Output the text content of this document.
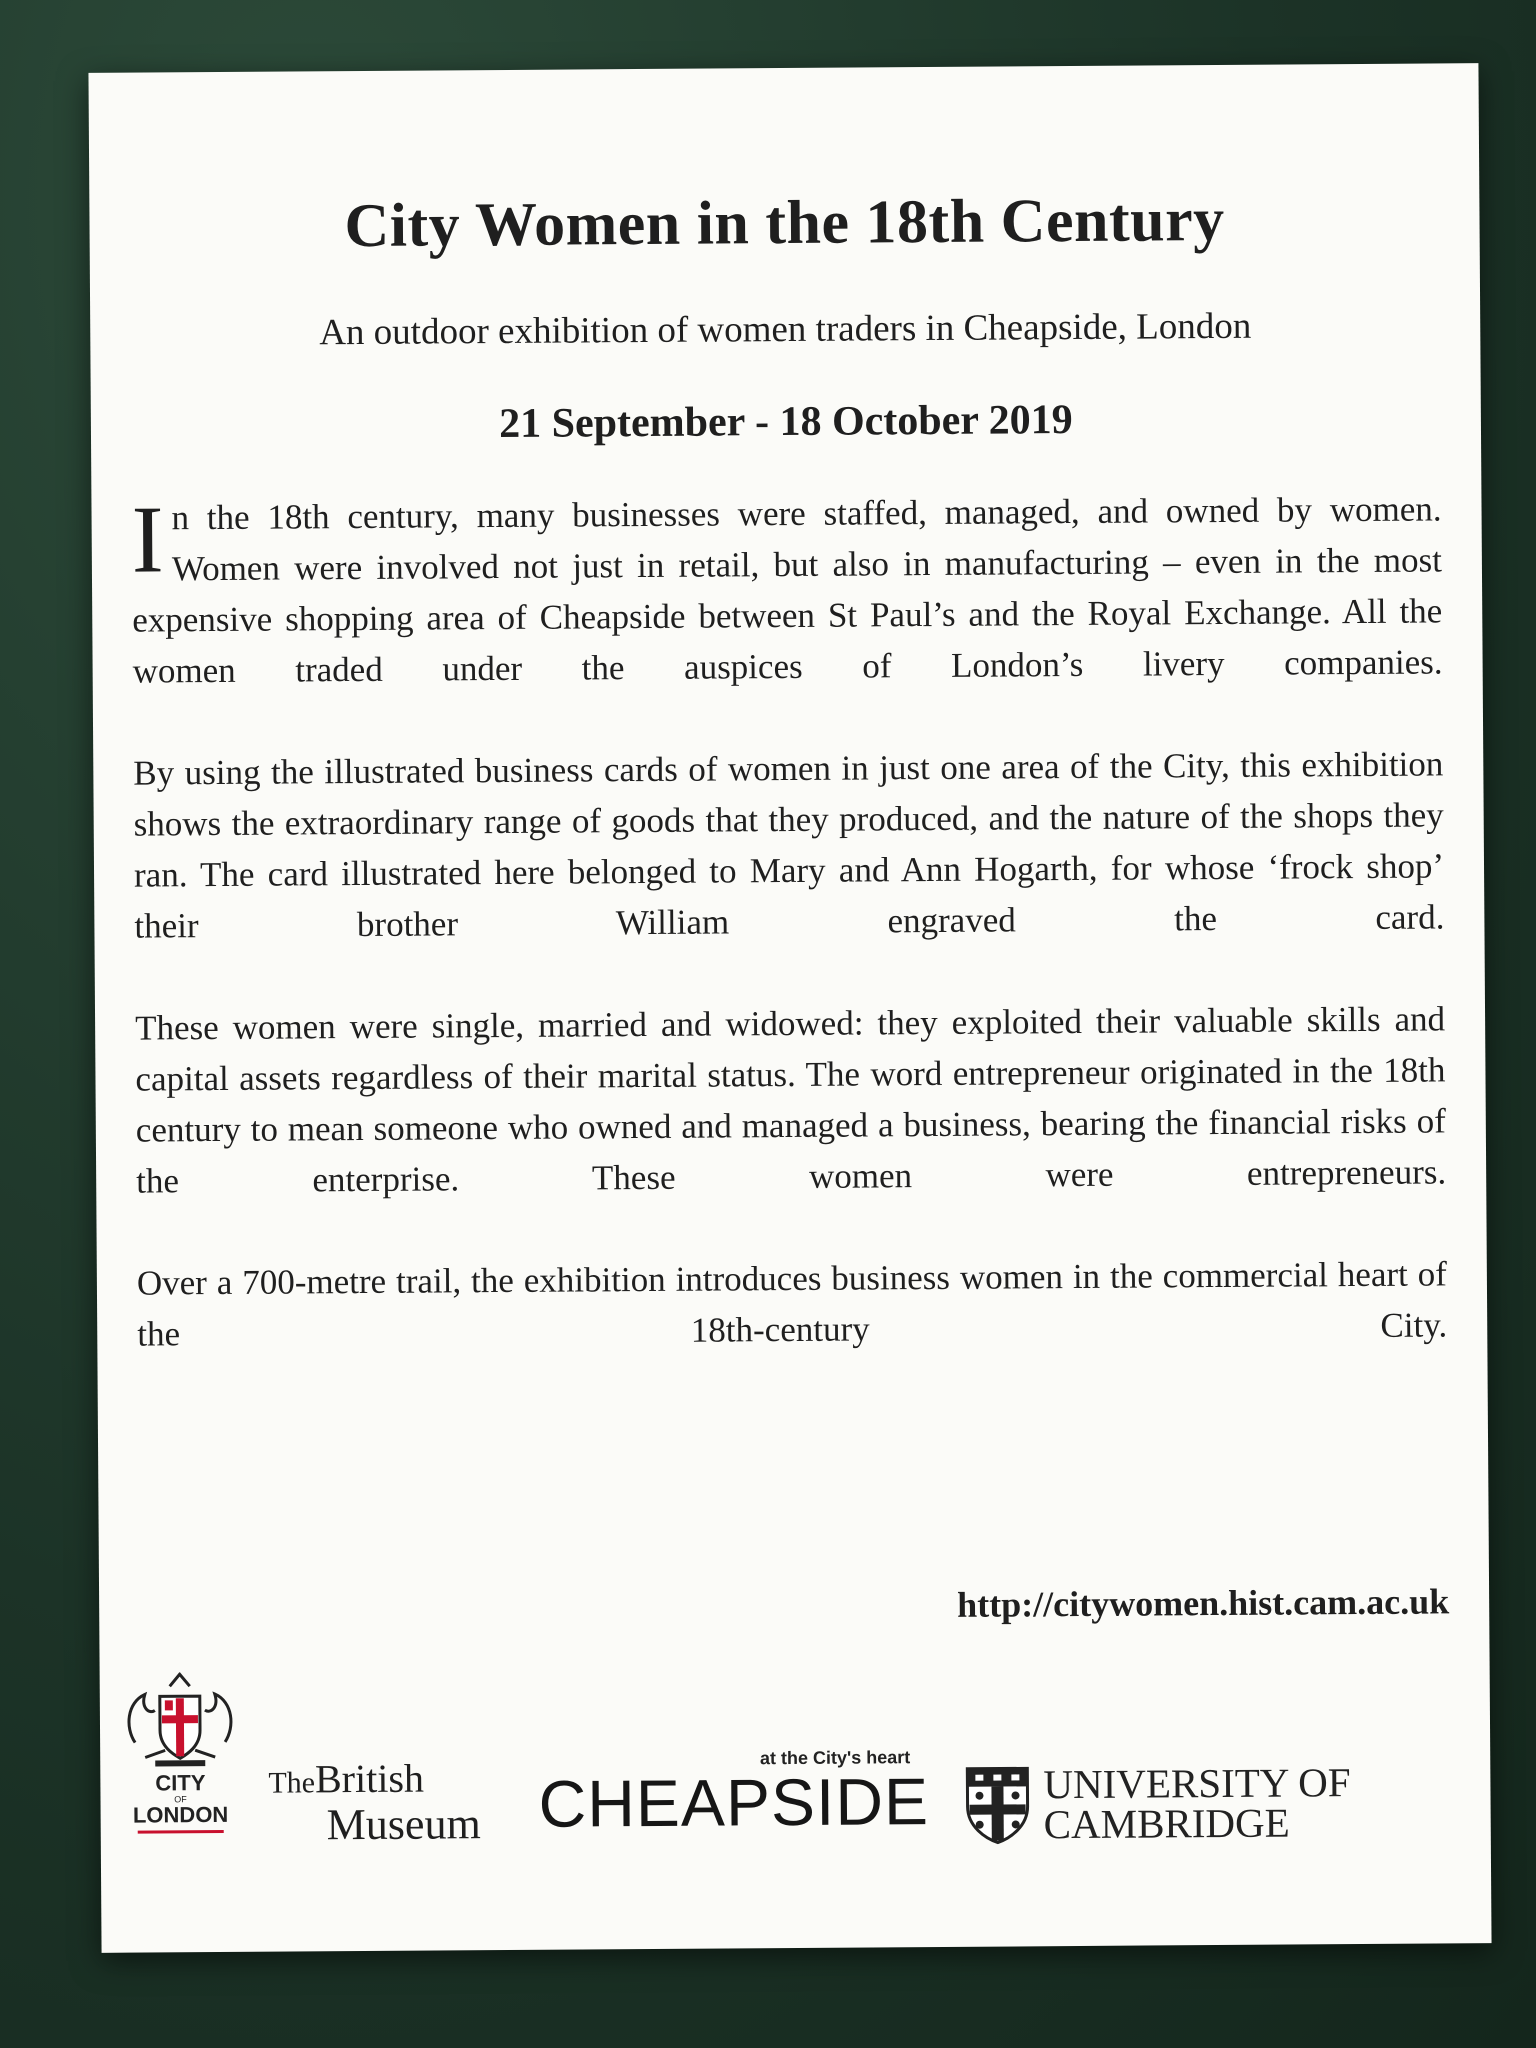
City Women in the 18th Century
An outdoor exhibition of women traders in Cheapside, London
21 September - 18 October 2019

In the 18th century, many businesses were staffed, managed, and owned by women. Women were involved not just in retail, but also in manufacturing – even in the most expensive shopping area of Cheapside between St Paul’s and the Royal Exchange. All the women traded under the auspices of London’s livery companies.

By using the illustrated business cards of women in just one area of the City, this exhibition shows the extraordinary range of goods that they produced, and the nature of the shops they ran. The card illustrated here belonged to Mary and Ann Hogarth, for whose ‘frock shop’ their brother William engraved the card.

These women were single, married and widowed: they exploited their valuable skills and capital assets regardless of their marital status. The word entrepreneur originated in the 18th century to mean someone who owned and managed a business, bearing the financial risks of the enterprise. These women were entrepreneurs.

Over a 700-metre trail, the exhibition introduces business women in the commercial heart of the 18th-century City.

http://citywomen.hist.cam.ac.uk
CITY
OF
LONDON
TheBritish
Museum
at the City's heart
CHEAPSIDE	UNIVERSITY OF
CAMBRIDGE
